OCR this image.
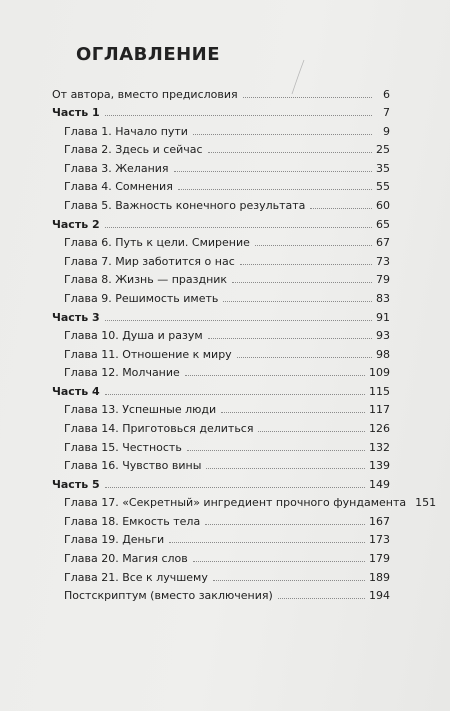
ОГЛАВЛЕНИЕ
От автора, вместо предисловия	6
Часть 1	7
Глава 1. Начало пути	9
Глава 2. Здесь и сейчас	25
Глава 3. Желания	35
Глава 4. Сомнения	55
Глава 5. Важность конечного результата	60
Часть 2	65
Глава 6. Путь к цели. Смирение	67
Глава 7. Мир заботится о нас	73
Глава 8. Жизнь — праздник	79
Глава 9. Решимость иметь	83
Часть 3	91
Глава 10. Душа и разум	93
Глава 11. Отношение к миру	98
Глава 12. Молчание	109
Часть 4	115
Глава 13. Успешные люди	117
Глава 14. Приготовься делиться	126
Глава 15. Честность	132
Глава 16. Чувство вины	139
Часть 5	149
Глава 17. «Секретный» ингредиент прочного фундамента 151
Глава 18. Емкость тела	167
Глава 19. Деньги	173
Глава 20. Магия слов	179
Глава 21. Все к лучшему	189
Постскриптум (вместо заключения)	194
